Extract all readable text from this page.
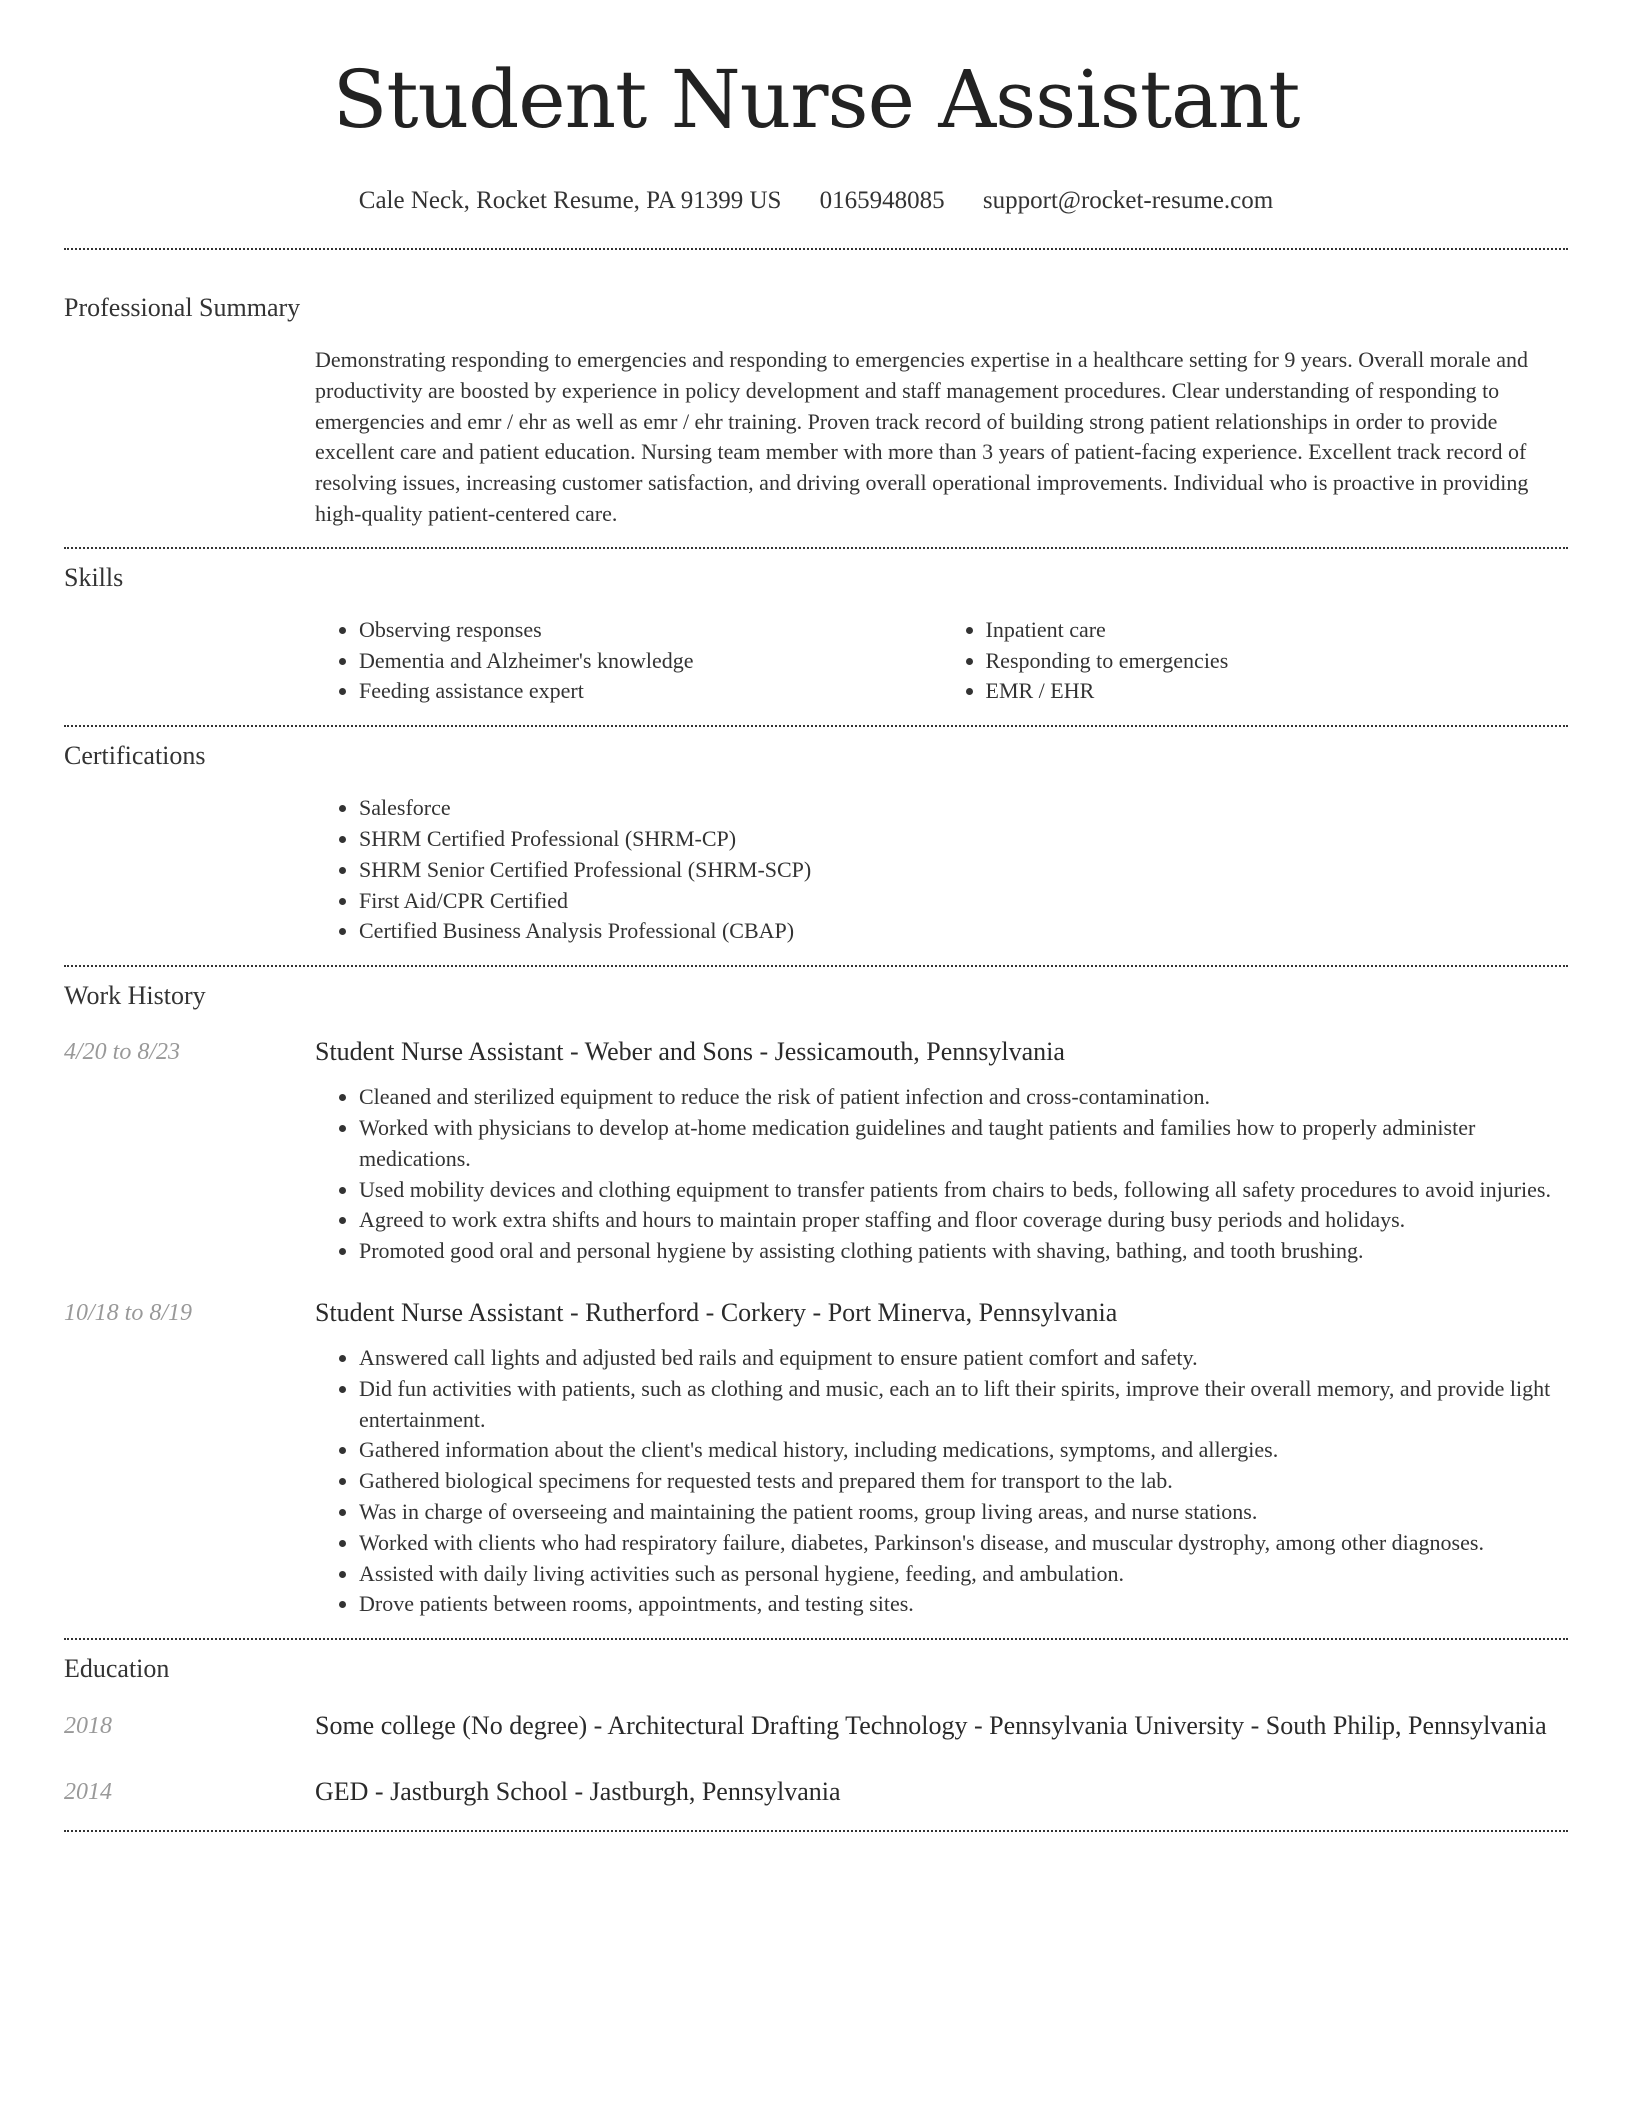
Student Nurse Assistant
Cale Neck, Rocket Resume, PA 91399 US 0165948085 support@rocket-resume.com
Professional Summary

Demonstrating responding to emergencies and responding to emergencies expertise in a healthcare setting for 9 years. Overall morale and productivity are boosted by experience in policy development and staff management procedures. Clear understanding of responding to emergencies and emr / ehr as well as emr / ehr training. Proven track record of building strong patient relationships in order to provide excellent care and patient education. Nursing team member with more than 3 years of patient-facing experience. Excellent track record of resolving issues, increasing customer satisfaction, and driving overall operational improvements. Individual who is proactive in providing high-quality patient-centered care.

Skills
• Observing responses
• Dementia and Alzheimer's knowledge
• Feeding assistance expert
• Inpatient care
• Responding to emergencies
• EMR / EHR
Certifications
• Salesforce
• SHRM Certified Professional (SHRM-CP)
• SHRM Senior Certified Professional (SHRM-SCP)
• First Aid/CPR Certified
• Certified Business Analysis Professional (CBAP)
Work History
4/20 to 8/23	Student Nurse Assistant - Weber and Sons - Jessicamouth, Pennsylvania
• Cleaned and sterilized equipment to reduce the risk of patient infection and cross-contamination.
• Worked with physicians to develop at-home medication guidelines and taught patients and families how to properly administer medications.
• Used mobility devices and clothing equipment to transfer patients from chairs to beds, following all safety procedures to avoid injuries.
• Agreed to work extra shifts and hours to maintain proper staffing and floor coverage during busy periods and holidays.
• Promoted good oral and personal hygiene by assisting clothing patients with shaving, bathing, and tooth brushing.
10/18 to 8/19	Student Nurse Assistant - Rutherford - Corkery - Port Minerva, Pennsylvania
• Answered call lights and adjusted bed rails and equipment to ensure patient comfort and safety.
• Did fun activities with patients, such as clothing and music, each an to lift their spirits, improve their overall memory, and provide light entertainment.
• Gathered information about the client's medical history, including medications, symptoms, and allergies.
• Gathered biological specimens for requested tests and prepared them for transport to the lab.
• Was in charge of overseeing and maintaining the patient rooms, group living areas, and nurse stations.
• Worked with clients who had respiratory failure, diabetes, Parkinson's disease, and muscular dystrophy, among other diagnoses.
• Assisted with daily living activities such as personal hygiene, feeding, and ambulation.
• Drove patients between rooms, appointments, and testing sites.
Education
2018	Some college (No degree) - Architectural Drafting Technology - Pennsylvania University - South Philip, Pennsylvania
2014	GED - Jastburgh School - Jastburgh, Pennsylvania
